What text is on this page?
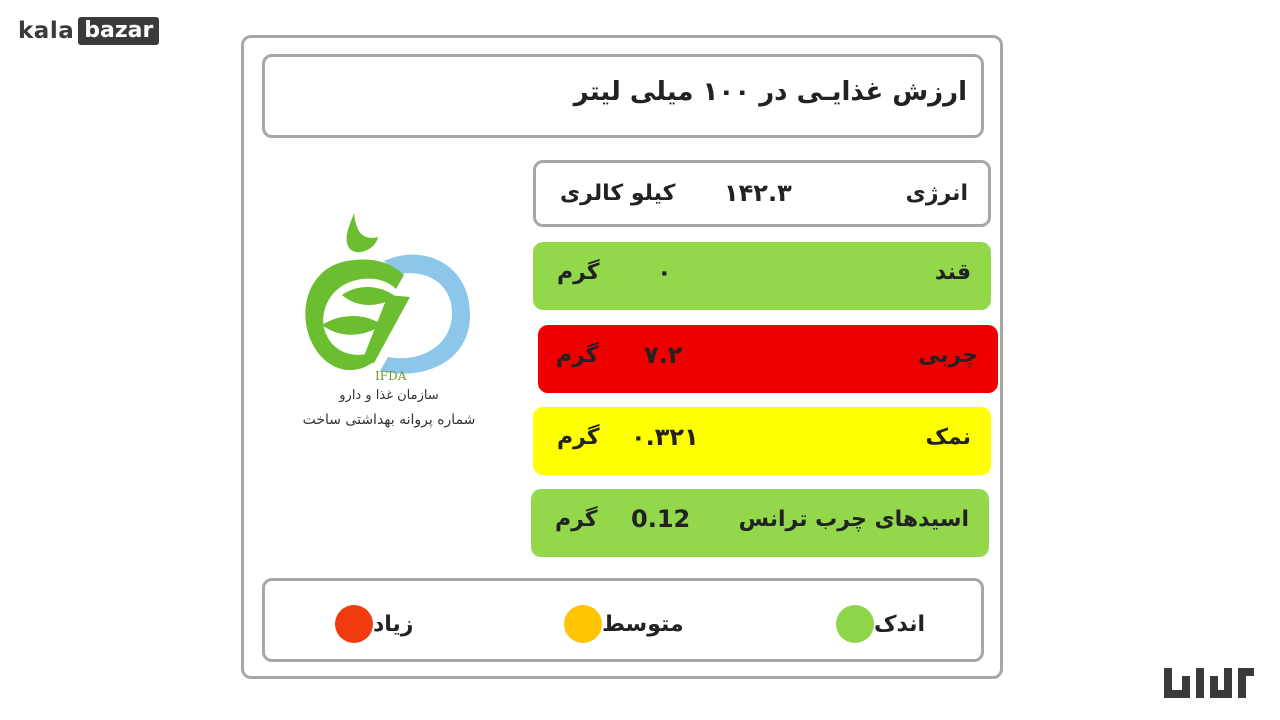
kala bazar
ارزش غذایـی در ۱۰۰ میلی لیتر
IFDA
سازمان غذا و دارو
شماره پروانه بهداشتی ساخت
انرژی
۱۴۲.۳
کیلو کالری
قند
۰
گرم
چربی
۷.۲
گرم
نمک
۰.۳۲۱
گرم
اسیدهای چرب ترانس
0.12
گرم
اندک
متوسط
زیاد
